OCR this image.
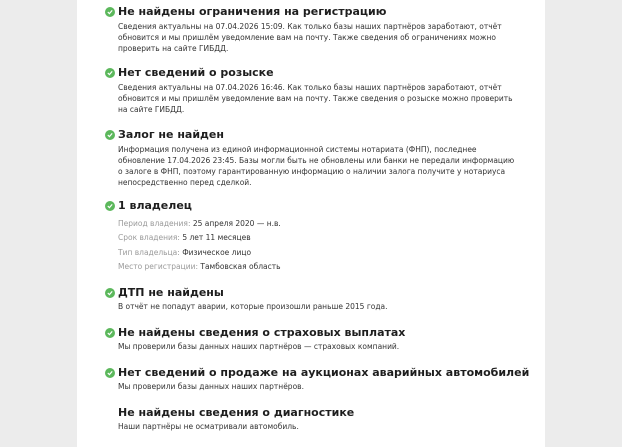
Не найдены ограничения на регистрацию
Сведения актуальны на 07.04.2026 15:09. Как только базы наших партнёров заработают, отчёт обновится и мы пришлём уведомление вам на почту. Также сведения об ограничениях можно проверить на сайте ГИБДД.
Нет сведений о розыске
Сведения актуальны на 07.04.2026 16:46. Как только базы наших партнёров заработают, отчёт обновится и мы пришлём уведомление вам на почту. Также сведения о розыске можно проверить на сайте ГИБДД.
Залог не найден
Информация получена из единой информационной системы нотариата (ФНП), последнее обновление 17.04.2026 23:45. Базы могли быть не обновлены или банки не передали информацию о залоге в ФНП, поэтому гарантированную информацию о наличии залога получите у нотариуса непосредственно перед сделкой.
1 владелец
Период владения: 25 апреля 2020 — н.в.
Срок владения: 5 лет 11 месяцев
Тип владельца: Физическое лицо
Место регистрации: Тамбовская область
ДТП не найдены
В отчёт не попадут аварии, которые произошли раньше 2015 года.
Не найдены сведения о страховых выплатах
Мы проверили базы данных наших партнёров — страховых компаний.
Нет сведений о продаже на аукционах аварийных автомобилей
Мы проверили базы данных наших партнёров.
Не найдены сведения о диагностике
Наши партнёры не осматривали автомобиль.
